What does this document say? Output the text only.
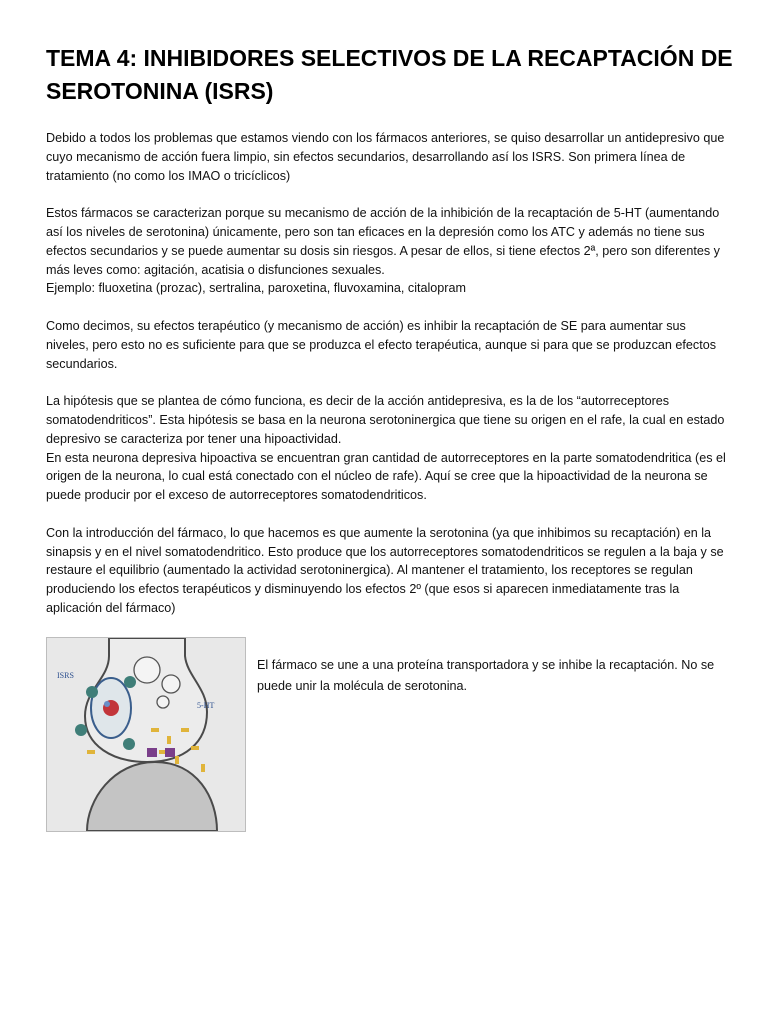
TEMA 4: INHIBIDORES SELECTIVOS DE LA RECAPTACIÓN DE SEROTONINA (ISRS)

Debido a todos los problemas que estamos viendo con los fármacos anteriores, se quiso desarrollar un antidepresivo que cuyo mecanismo de acción fuera limpio, sin efectos secundarios, desarrollando así los ISRS. Son primera línea de tratamiento (no como los IMAO o tricíclicos)

Estos fármacos se caracterizan porque su mecanismo de acción de la inhibición de la recaptación de 5-HT (aumentando así los niveles de serotonina) únicamente, pero son tan eficaces en la depresión como los ATC y además no tiene sus efectos secundarios y se puede aumentar su dosis sin riesgos. A pesar de ellos, si tiene efectos 2ª, pero son diferentes y más leves como: agitación, acatisia o disfunciones sexuales.
Ejemplo: fluoxetina (prozac), sertralina, paroxetina, fluvoxamina, citalopram

Como decimos, su efectos terapéutico (y mecanismo de acción) es inhibir la recaptación de SE para aumentar sus niveles, pero esto no es suficiente para que se produzca el efecto terapéutica, aunque si para que se produzcan efectos secundarios.

La hipótesis que se plantea de cómo funciona, es decir de la acción antidepresiva, es la de los “autorreceptores somatodendriticos”. Esta hipótesis se basa en la neurona serotoninergica que tiene su origen en el rafe, la cual en estado depresivo se caracteriza por tener una hipoactividad.
En esta neurona depresiva hipoactiva se encuentran gran cantidad de autorreceptores en la parte somatodendritica (es el origen de la neurona, lo cual está conectado con el núcleo de rafe). Aquí se cree que la hipoactividad de la neurona se puede producir por el exceso de autorreceptores somatodendriticos.

Con la introducción del fármaco, lo que hacemos es que aumente la serotonina (ya que inhibimos su recaptación) en la sinapsis y en el nivel somatodendritico. Esto produce que los autorreceptores somatodendriticos se regulen a la baja y se restaure el equilibrio (aumentado la actividad serotoninergica). Al mantener el tratamiento, los receptores se regulan produciendo los efectos terapéuticos y disminuyendo los efectos 2º (que esos si aparecen inmediatamente tras la aplicación del fármaco)

ISRS
5-HT

El fármaco se une a una proteína transportadora y se inhibe la recaptación. No se puede unir la molécula de serotonina.
